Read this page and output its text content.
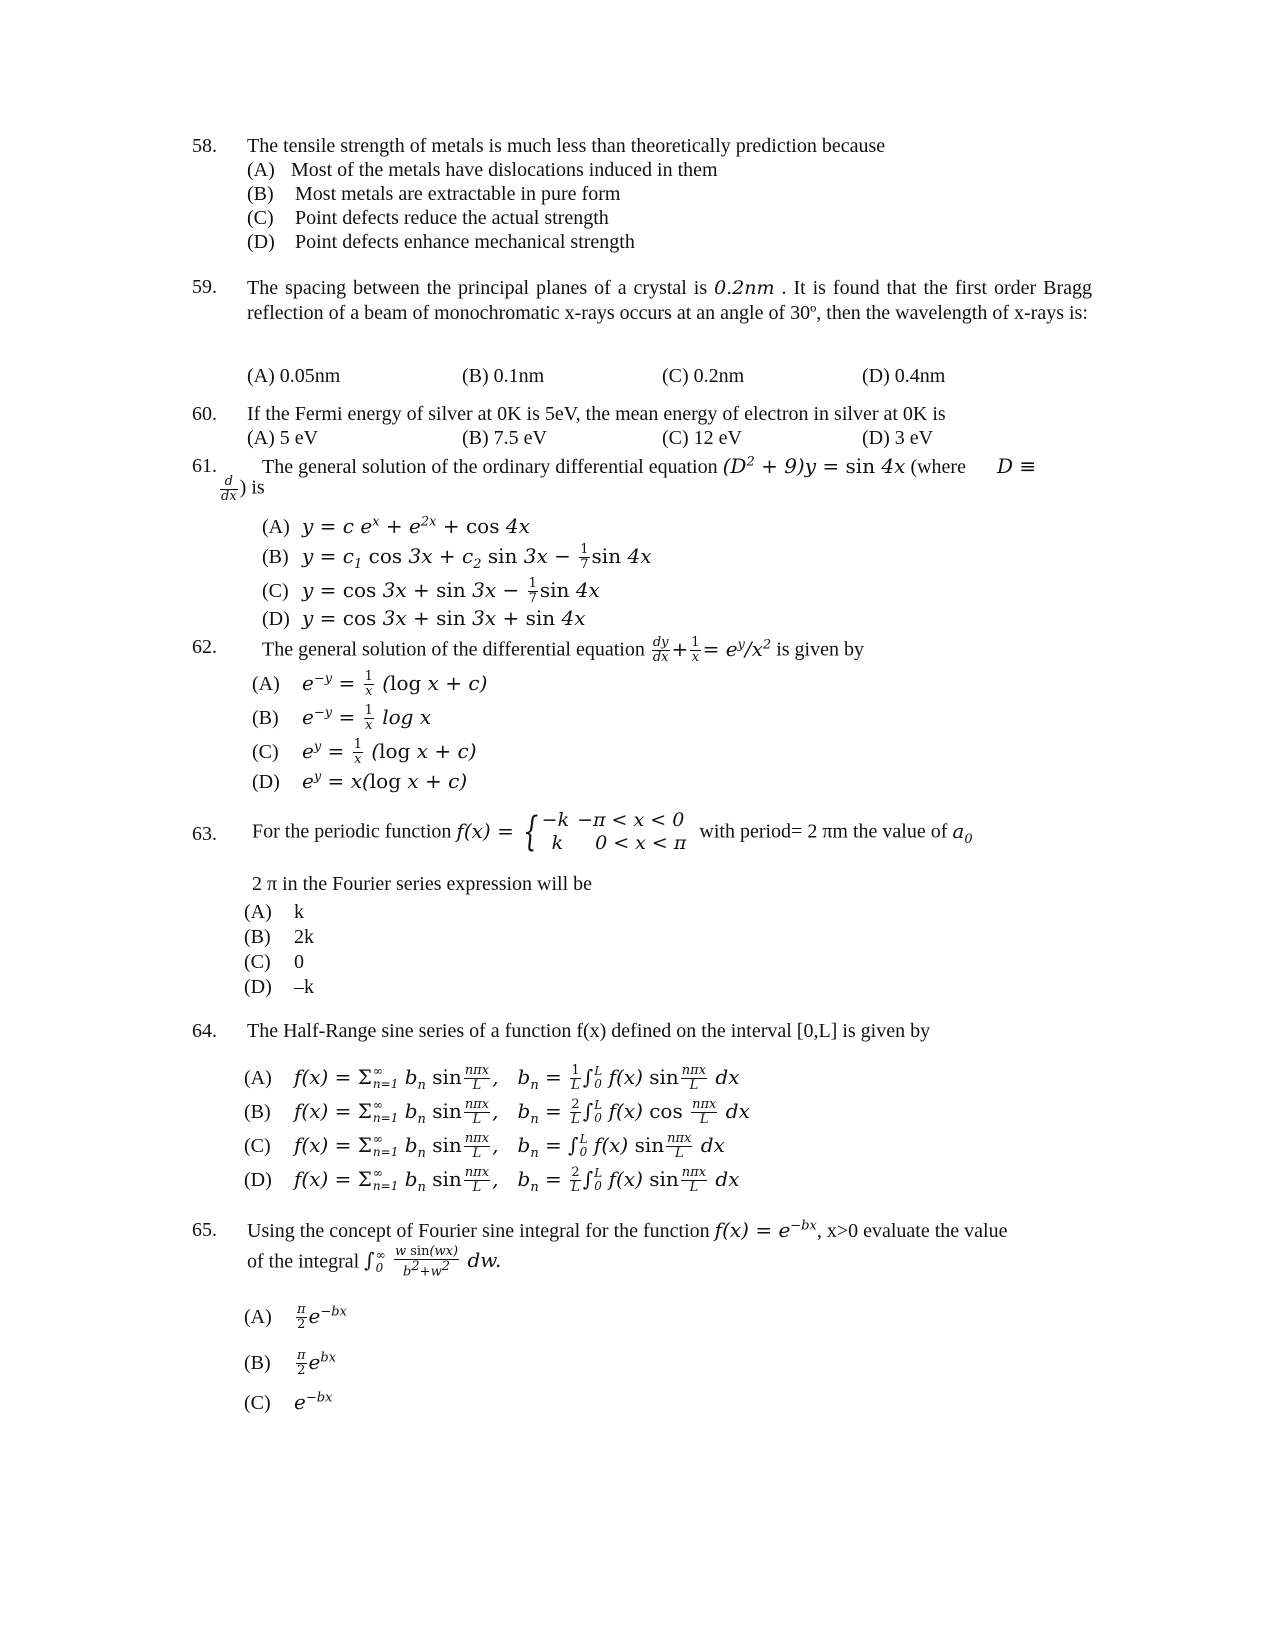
58.	The tensile strength of metals is much less than theoretically prediction because
(A) Most of the metals have dislocations induced in them
(B) Most metals are extractable in pure form
(C) Point defects reduce the actual strength
(D) Point defects enhance mechanical strength
59.	The spacing between the principal planes of a crystal is 0.2nm . It is found that the first order Bragg reflection of a beam of monochromatic x-rays occurs at an angle of 30º, then the wavelength of x-rays is:
(A) 0.05nm	(B) 0.1nm	(C) 0.2nm	(D) 0.4nm
60.	If the Fermi energy of silver at 0K is 5eV, the mean energy of electron in silver at 0K is
(A) 5 eV	(B) 7.5 eV	(C) 12 eV	(D) 3 eV
61.	The general solution of the ordinary differential equation $(D^2 + 9)y = \sin 4x$ (where D ≡
$\frac{d}{dx}$ ) is
(A) y = c $e^x + e^{2x} + \cos 4x$
(B) $y = c_1$ $\cos 3x + c_2$ $\sin 3x - \frac{1}{7}$ sin 4x
(C) $y = \cos 3x + \sin 3x - \frac{1}{7}$ sin 4x
(D) y = cos 3x + sin 3x + sin 4x
62.	The general solution of the differential equation $\frac{dy}{dx} + \frac{1}{x} = e^y/x^2$ is given by
(A) $e^{-y} = \frac{1}{x} (\log$ x + c)
(B) $e^{-y} = \frac{1}{x}$ log x
(C) $e^y = \frac{1}{x} (\log$ x + c)
(D) $e^y = x(\log$ x + c)
63.	For the periodic function f(x) = { −k	−π < x < 0
k	0 < x < π with period= 2 πm the value of $a_0$
2 π in the Fourier series expression will be
(A) k
(B) 2k
(C) 0
(D) –k
64.	The Half-Range sine series of a function f(x) defined on the interval [0,L] is given by
(A) f(x) = Σ ∞
n=1 $b_n$ $\sin \frac{\text{nπx}}{L}$ ,   $b_n = \frac{1}{L}$ ∫ L
0 f(x) $\sin \frac{\text{nπx}}{L}$ dx
(B) f(x) = Σ ∞
n=1 $b_n$ $\sin \frac{\text{nπx}}{L}$ ,   $b_n = \frac{2}{L}$ ∫ L
0 f(x) $\cos \frac{\text{nπx}}{L}$ dx
(C) f(x) = Σ ∞
n=1 $b_n$ $\sin \frac{\text{nπx}}{L}$ ,   $b_n$ = ∫ L
0 f(x) $\sin \frac{\text{nπx}}{L}$ dx
(D) f(x) = Σ ∞
n=1 $b_n$ $\sin \frac{\text{nπx}}{L}$ ,   $b_n = \frac{2}{L}$ ∫ L
0 f(x) $\sin \frac{\text{nπx}}{L}$ dx
65.	Using the concept of Fourier sine integral for the function $f(x) = e^{-bx}$, x>0 evaluate the value
of the integral ∫ ∞
0
$\frac{\text{w sin(wx)}}{b^2+w^2}$ dw.
$(A) \frac{\pi}{2} e^{-bx}$
$(B) \frac{\pi}{2} e^{bx}$
(C) $e^{-bx}$
